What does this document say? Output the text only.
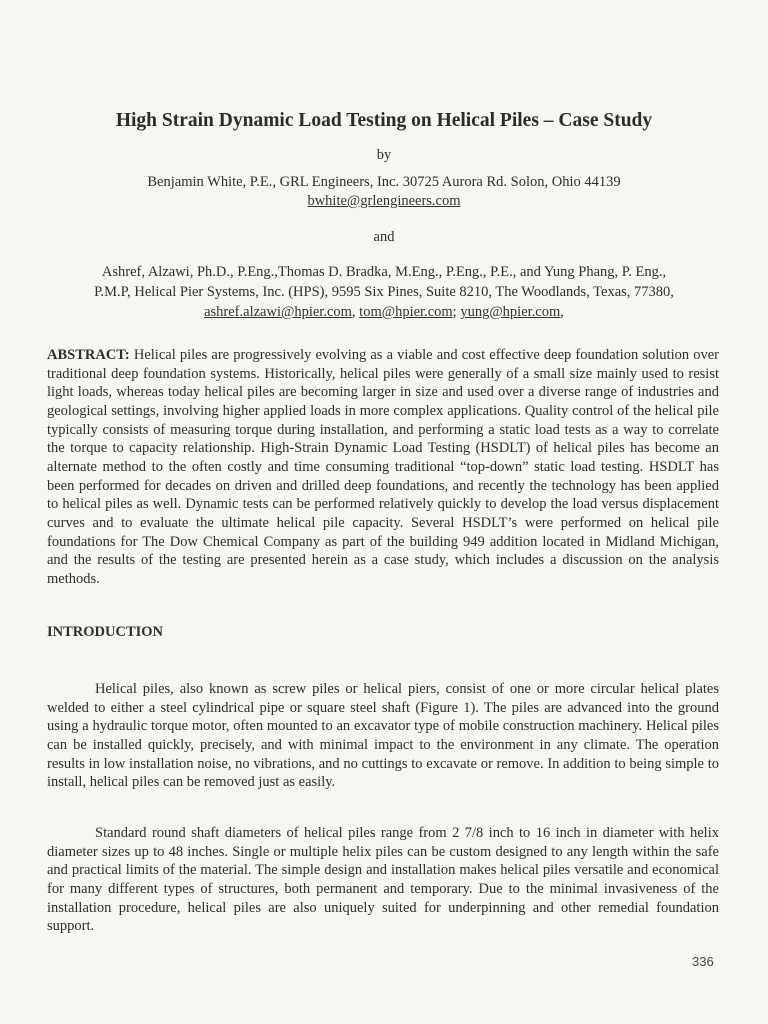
High Strain Dynamic Load Testing on Helical Piles – Case Study

by

Benjamin White, P.E., GRL Engineers, Inc. 30725 Aurora Rd. Solon, Ohio 44139
bwhite@grlengineers.com

and

Ashref, Alzawi, Ph.D., P.Eng.,Thomas D. Bradka, M.Eng., P.Eng., P.E., and Yung Phang, P. Eng.,
P.M.P, Helical Pier Systems, Inc. (HPS), 9595 Six Pines, Suite 8210, The Woodlands, Texas, 77380,
ashref.alzawi@hpier.com, tom@hpier.com; yung@hpier.com,

ABSTRACT: Helical piles are progressively evolving as a viable and cost effective deep foundation solution over traditional deep foundation systems. Historically, helical piles were generally of a small size mainly used to resist light loads, whereas today helical piles are becoming larger in size and used over a diverse range of industries and geological settings, involving higher applied loads in more complex applications. Quality control of the helical pile typically consists of measuring torque during installation, and performing a static load tests as a way to correlate the torque to capacity relationship. High-Strain Dynamic Load Testing (HSDLT) of helical piles has become an alternate method to the often costly and time consuming traditional “top-down” static load testing. HSDLT has been performed for decades on driven and drilled deep foundations, and recently the technology has been applied to helical piles as well. Dynamic tests can be performed relatively quickly to develop the load versus displacement curves and to evaluate the ultimate helical pile capacity. Several HSDLT’s were performed on helical pile foundations for The Dow Chemical Company as part of the building 949 addition located in Midland Michigan, and the results of the testing are presented herein as a case study, which includes a discussion on the analysis methods.

INTRODUCTION

Helical piles, also known as screw piles or helical piers, consist of one or more circular helical plates welded to either a steel cylindrical pipe or square steel shaft (Figure 1). The piles are advanced into the ground using a hydraulic torque motor, often mounted to an excavator type of mobile construction machinery. Helical piles can be installed quickly, precisely, and with minimal impact to the environment in any climate. The operation results in low installation noise, no vibrations, and no cuttings to excavate or remove. In addition to being simple to install, helical piles can be removed just as easily.

Standard round shaft diameters of helical piles range from 2 7/8 inch to 16 inch in diameter with helix diameter sizes up to 48 inches. Single or multiple helix piles can be custom designed to any length within the safe and practical limits of the material. The simple design and installation makes helical piles versatile and economical for many different types of structures, both permanent and temporary. Due to the minimal invasiveness of the installation procedure, helical piles are also uniquely suited for underpinning and other remedial foundation support.

336
